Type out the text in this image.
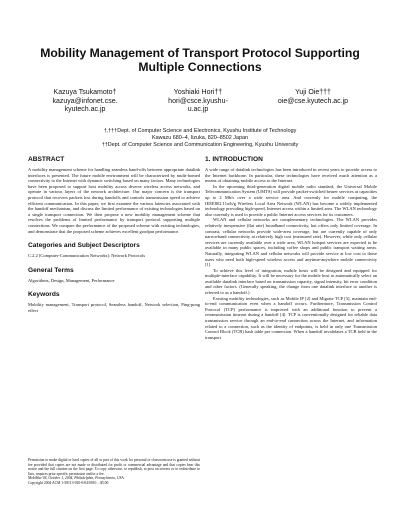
Mobility Management of Transport Protocol Supporting
Multiple Connections
Kazuya Tsukamoto†
kazuya@infonet.cse.
kyutech.ac.jp
Yoshiaki Hori††
hori@csce.kyushu-
u.ac.jp
Yuji Oie†††
oie@cse.kyutech.ac.jp
†,†††Dept. of Computer Science and Electronics, Kyushu Institute of Technology
Kawazu 680–4, Iizuka, 820–8502 Japan
††Dept. of Computer Science and Communication Engineering, Kyushu University
ABSTRACT

A mobility management scheme for handling seamless hand-offs between appropriate datalink interfaces is presented. The future mobile environment will be characterized by multi-homed connectivity to the Internet with dynamic switching based on many factors. Many technologies have been proposed to support host mobility across diverse wireless access networks, and operate in various layers of the network architecture. Our major concern is the transport protocol that recovers packets lost during handoffs and controls transmission speed to achieve efficient communication. In this paper, we first examine the various latencies associated with the handoff mechanism, and discuss the limited performance of existing technologies based on a single transport connection. We then propose a new mobility management scheme that resolves the problems of limited performance by transport protocol supporting multiple connections. We compare the performance of the proposed scheme with existing technologies, and demonstrate that the proposed scheme achieves excellent goodput performance.

Categories and Subject Descriptors

C.2.2 [Computer-Communication Networks]: Network Protocols

General Terms

Algorithms, Design, Management, Performance

Keywords

Mobility management, Transport protocol, Seamless handoff, Network selection, Ping-pong effect

Permission to make digital or hard copies of all or part of this work for personal or classroom use is granted without fee provided that copies are not made or distributed for profit or commercial advantage and that copies bear this notice and the full citation on the first page. To copy otherwise, to republish, to post on servers or to redistribute to lists, requires prior specific permission and/or a fee.
MobiWac'04, October 1, 2004, Philadelphia, Pennsylvania, USA.
Copyright 2004 ACM 1-58113-920-0/04/0010 ...$5.00.
1. INTRODUCTION

A wide range of datalink technologies has been introduced in recent years to provide access to the Internet backbone. In particular, these technologies have received much attention as a means of obtaining mobile access to the Internet.

In the upcoming third-generation digital mobile radio standard, the Universal Mobile Telecommunication System (UMTS) will provide packet-switched bearer services at capacities up to 2 Mb/s over a wide service area. And currently for mobile computing, the IEEE802.11a/b/g Wireless Local Area Network (WLAN) has become a widely implemented technology providing high-speed, Internet access within a limited area. The WLAN technology also currently is used to provide a public Internet access services for its customers.

WLAN and cellular networks are complementary technologies. The WLAN provides relatively inexpensive (flat rate) broadband connectivity, but offers only limited coverage. In contrast, cellular networks provide wide-area coverage, but are currently capable of only narrowband connectivity at relatively high cost (measured rate). However, while only cellular services are currently available over a wide area, WLAN hotspot services are expected to be available in many public spaces, including coffee shops and public transport waiting areas. Naturally, integrating WLAN and cellular networks will provide service at low cost to those users who need both high-speed wireless access and anytime-anywhere mobile connectivity [1].

To achieve this level of integration, mobile hosts will be designed and equipped for multiple-interface capability. It will be necessary for the mobile host to automatically select an available datalink interface based on transmission capacity, signal intensity, bit error condition and other factors. (Generally speaking, the change from one datalink interface to another is referred to as a handoff.)

Existing mobility technologies, such as Mobile IP [2] and Migrate TCP [3], maintain end-to-end communication even when a handoff occurs. Furthermore, Transmission Control Protocol (TCP) performance is improved with an additional function to prevent a retransmission timeout during a handoff [4]. TCP is conventionally designed for reliable data transmission service through an end-to-end connection across the Internet, and information related to a connection, such as the identity of endpoints, is held in only one Transmission Control Block (TCB) hash table per connection. When a handoff invalidates a TCB held in the transport
